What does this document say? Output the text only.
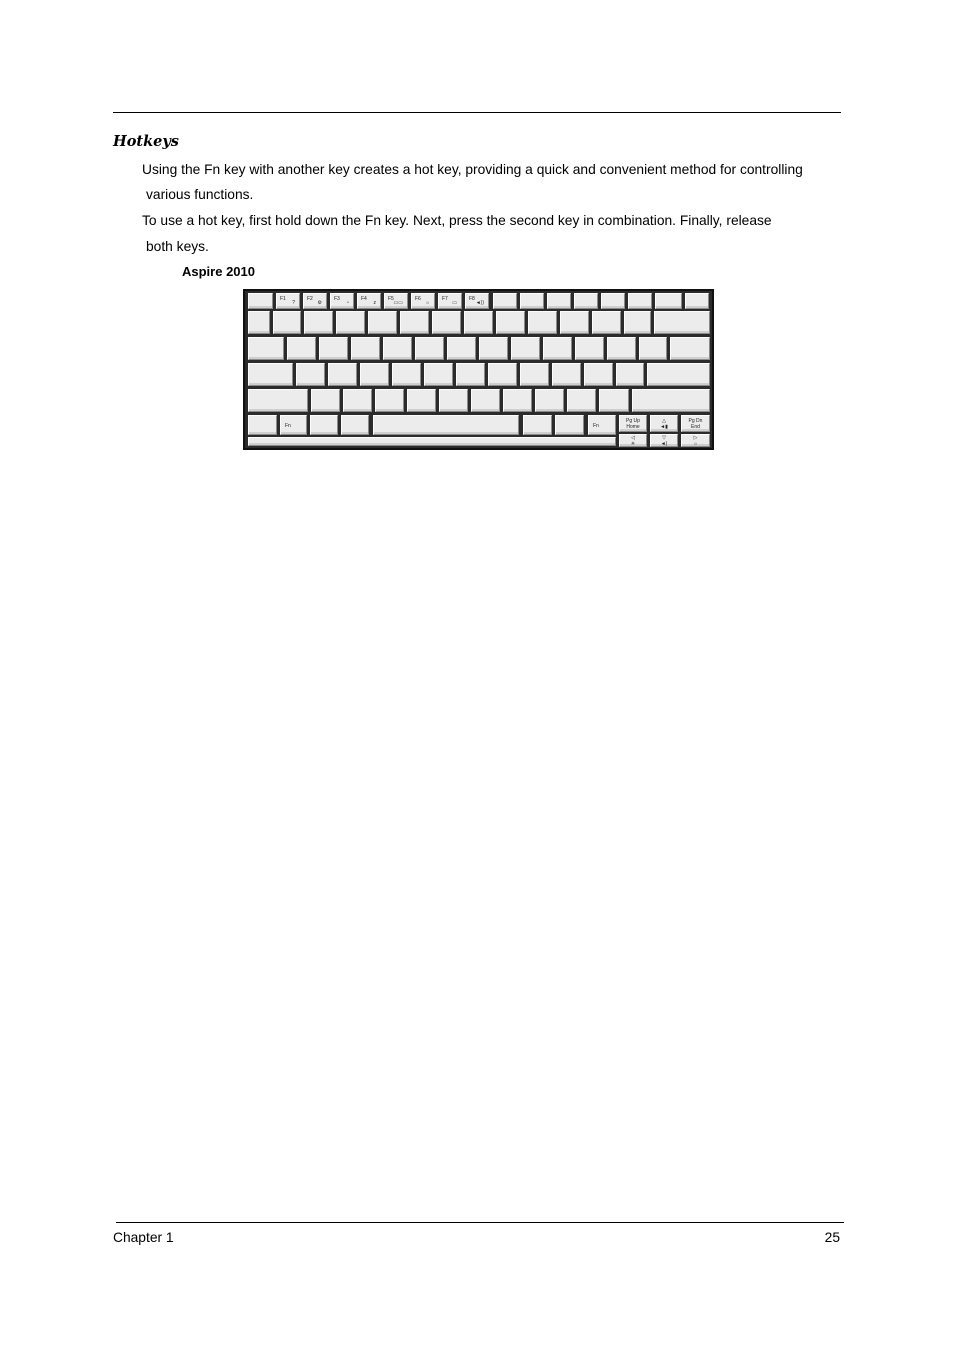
Hotkeys
Using the Fn key with another key creates a hot key, providing a quick and convenient method for controlling
various functions.
To use a hot key, first hold down the Fn key. Next, press the second key in combination. Finally, release
both keys.
Aspire 2010
F1
?
F2
⚙
F3
◔
F4
z
F5
▭▭
F6
☼
F7
▭
F8
◄))
Fn	Fn
Pg Up
Home
△
◄▮
Pg Dn
End
◁
☀
▽
◄)
▷
☼
Chapter 1	25
